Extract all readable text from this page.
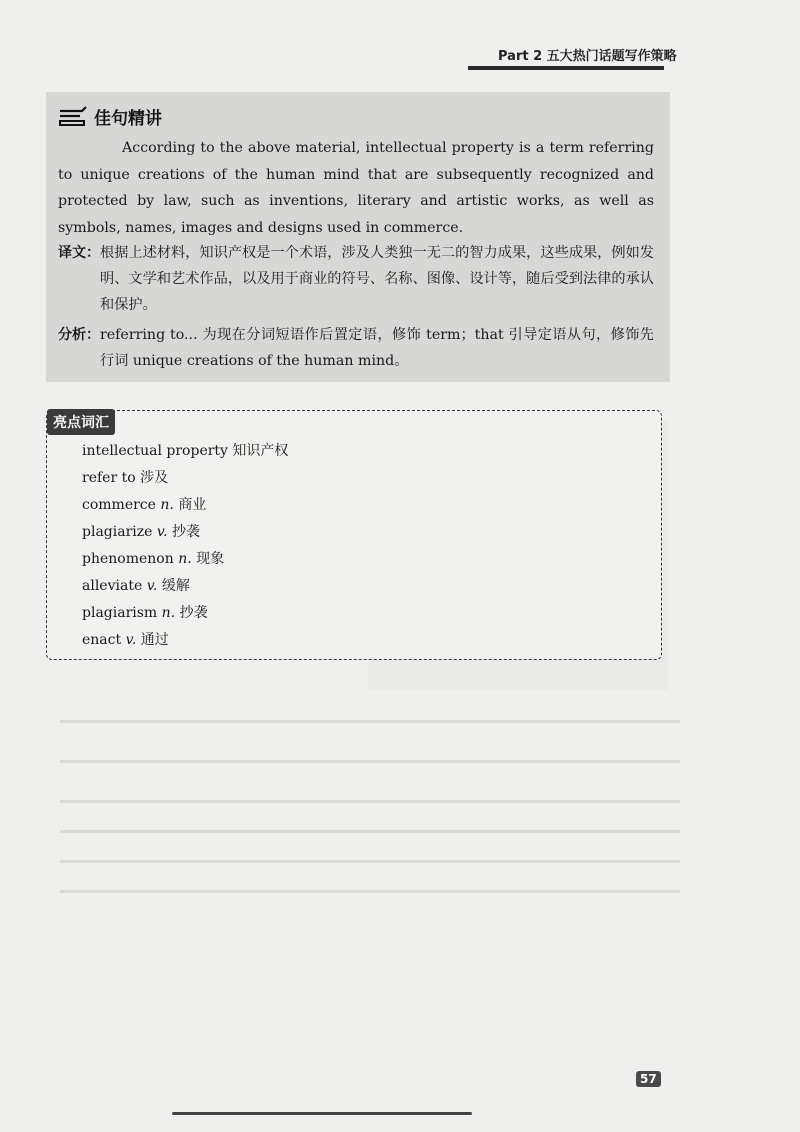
Part 2 五大热门话题写作策略
佳句精讲

According to the above material, intellectual property is a term referring to unique creations of the human mind that are subsequently recognized and protected by law, such as inventions, literary and artistic works, as well as symbols, names, images and designs used in commerce.

译文： 根据上述材料，知识产权是一个术语，涉及人类独一无二的智力成果，这些成果，例如发明、文学和艺术作品，以及用于商业的符号、名称、图像、设计等，随后受到法律的承认和保护。
分析： referring to... 为现在分词短语作后置定语，修饰 term；that 引导定语从句，修饰先行词 unique creations of the human mind。
亮点词汇
intellectual property 知识产权
refer to 涉及
commerce n. 商业
plagiarize v. 抄袭
phenomenon n. 现象
alleviate v. 缓解
plagiarism n. 抄袭
enact v. 通过
57
